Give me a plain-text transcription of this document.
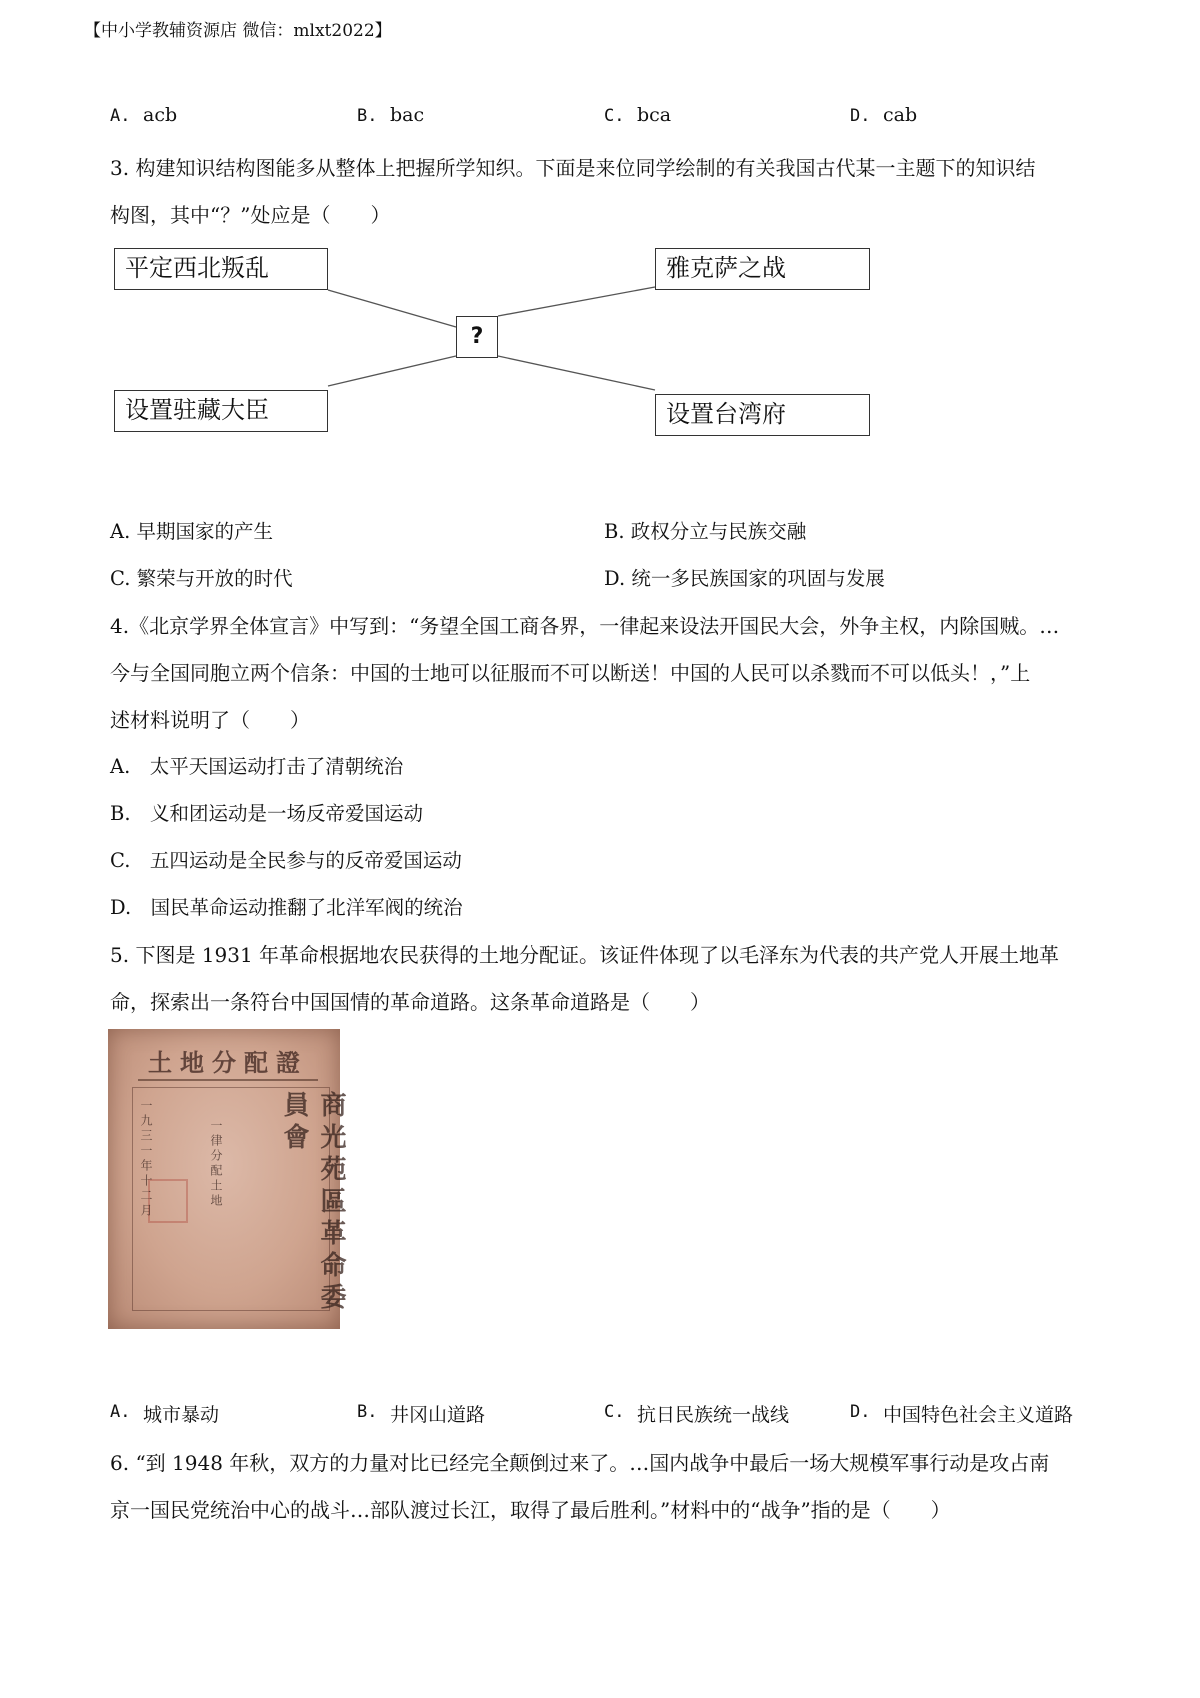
【中小学教辅资源店 微信：mlxt2022】
A. acb	B. bac	C. bca	D. cab
3. 构建知识结构图能多从整体上把握所学知织。下面是来位同学绘制的有关我国古代某一主题下的知识结
构图，其中“？”处应是（　　）
平定西北叛乱	雅克萨之战
?
设置驻藏大臣	设置台湾府
A. 早期国家的产生	B. 政权分立与民族交融
C. 繁荣与开放的时代	D. 统一多民族国家的巩固与发展
4.《北京学界全体宣言》中写到：“务望全国工商各界，一律起来设法开国民大会，外争主权，内除国贼。…
今与全国同胞立两个信条：中国的士地可以征服而不可以断送！中国的人民可以杀戮而不可以低头！，”上
述材料说明了（　　）
A.　太平天国运动打击了清朝统治
B.　义和团运动是一场反帝爱国运动
C.　五四运动是全民参与的反帝爱国运动
D.　国民革命运动推翻了北洋军阀的统治
5. 下图是 1931 年革命根据地农民获得的土地分配证。该证件体现了以毛泽东为代表的共产党人开展土地革
命，探索出一条符台中国国情的革命道路。这条革命道路是（　　）
土地分配證
商光苑區革命委員會
一九三一年十二月	一律分配土地
A. 城市暴动	B. 井冈山道路	C. 抗日民族统一战线	D. 中国特色社会主义道路
6. “到 1948 年秋，双方的力量对比已经完全颠倒过来了。…国内战争中最后一场大规模军事行动是攻占南
京一国民党统治中心的战斗…部队渡过长江，取得了最后胜利。”材料中的“战争”指的是（　　）
